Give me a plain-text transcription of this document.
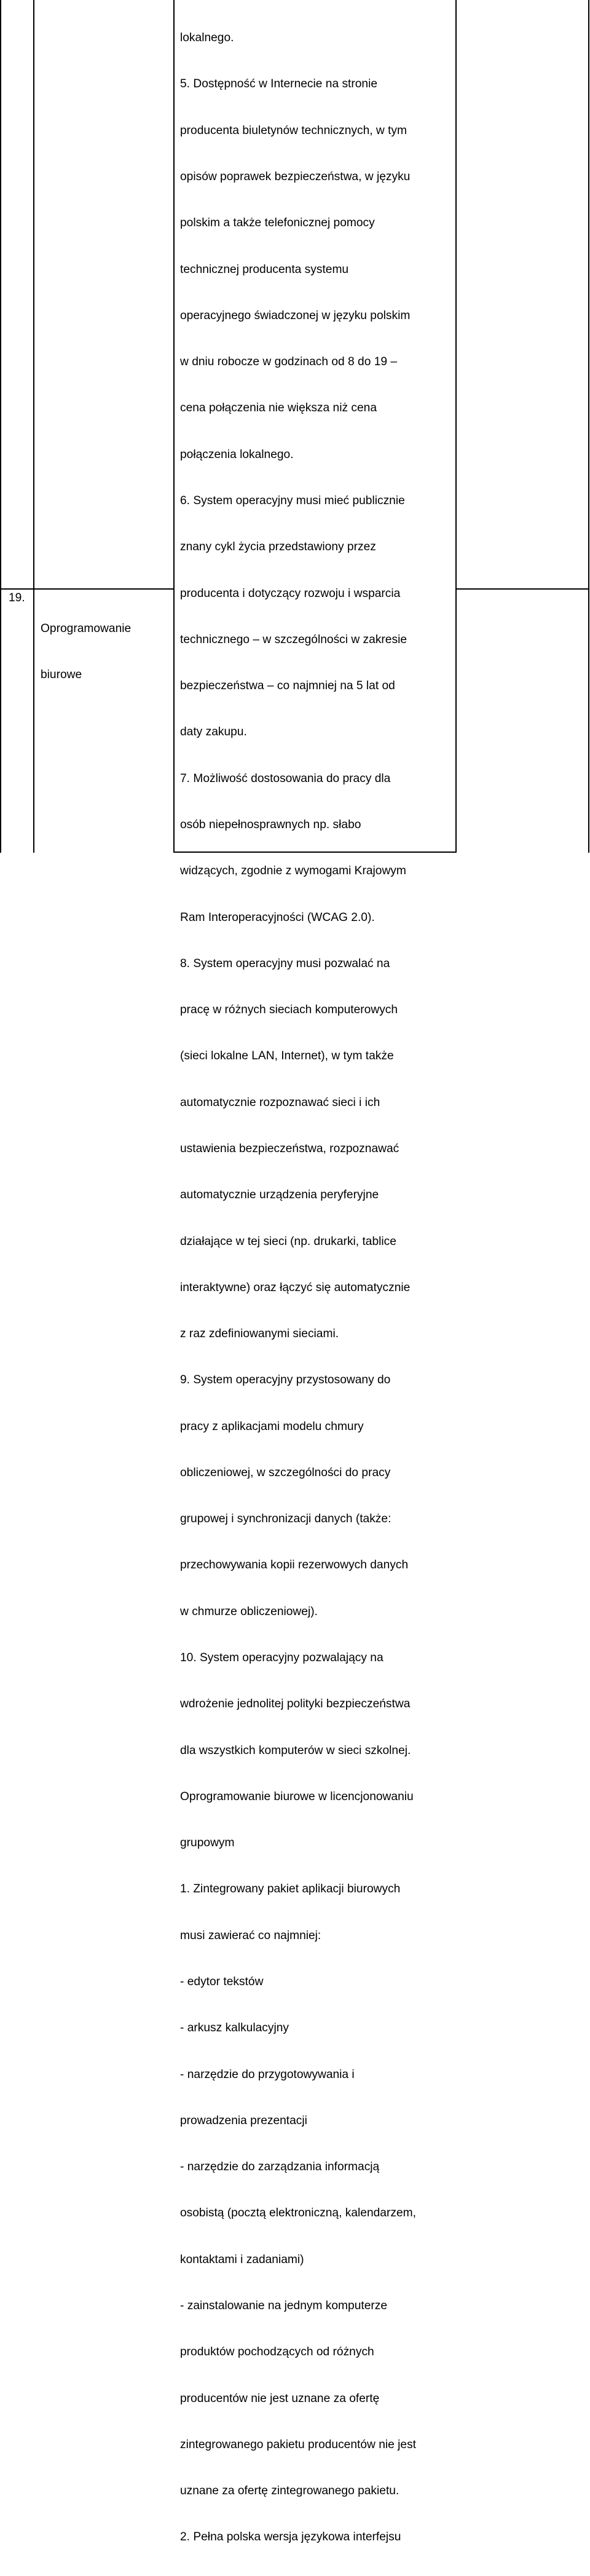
19.

Oprogramowanie

biurowe

lokalnego.

5. Dostępność w Internecie na stronie

producenta biuletynów technicznych, w tym

opisów poprawek bezpieczeństwa, w języku

polskim a także telefonicznej pomocy

technicznej producenta systemu

operacyjnego świadczonej w języku polskim

w dniu robocze w godzinach od 8 do 19 –

cena połączenia nie większa niż cena

połączenia lokalnego.

6. System operacyjny musi mieć publicznie

znany cykl życia przedstawiony przez

producenta i dotyczący rozwoju i wsparcia

technicznego – w szczególności w zakresie

bezpieczeństwa – co najmniej na 5 lat od

daty zakupu.

7. Możliwość dostosowania do pracy dla

osób niepełnosprawnych np. słabo

widzących, zgodnie z wymogami Krajowym

Ram Interoperacyjności (WCAG 2.0).

8. System operacyjny musi pozwalać na

pracę w różnych sieciach komputerowych

(sieci lokalne LAN, Internet), w tym także

automatycznie rozpoznawać sieci i ich

ustawienia bezpieczeństwa, rozpoznawać

automatycznie urządzenia peryferyjne

działające w tej sieci (np. drukarki, tablice

interaktywne) oraz łączyć się automatycznie

z raz zdefiniowanymi sieciami.

9. System operacyjny przystosowany do

pracy z aplikacjami modelu chmury

obliczeniowej, w szczególności do pracy

grupowej i synchronizacji danych (także:

przechowywania kopii rezerwowych danych

w chmurze obliczeniowej).

10. System operacyjny pozwalający na

wdrożenie jednolitej polityki bezpieczeństwa

dla wszystkich komputerów w sieci szkolnej.

Oprogramowanie biurowe w licencjonowaniu

grupowym

1. Zintegrowany pakiet aplikacji biurowych

musi zawierać co najmniej:

- edytor tekstów

- arkusz kalkulacyjny

- narzędzie do przygotowywania i

prowadzenia prezentacji

- narzędzie do zarządzania informacją

osobistą (pocztą elektroniczną, kalendarzem,

kontaktami i zadaniami)

- zainstalowanie na jednym komputerze

produktów pochodzących od różnych

producentów nie jest uznane za ofertę

zintegrowanego pakietu producentów nie jest

uznane za ofertę zintegrowanego pakietu.

2. Pełna polska wersja językowa interfejsu
